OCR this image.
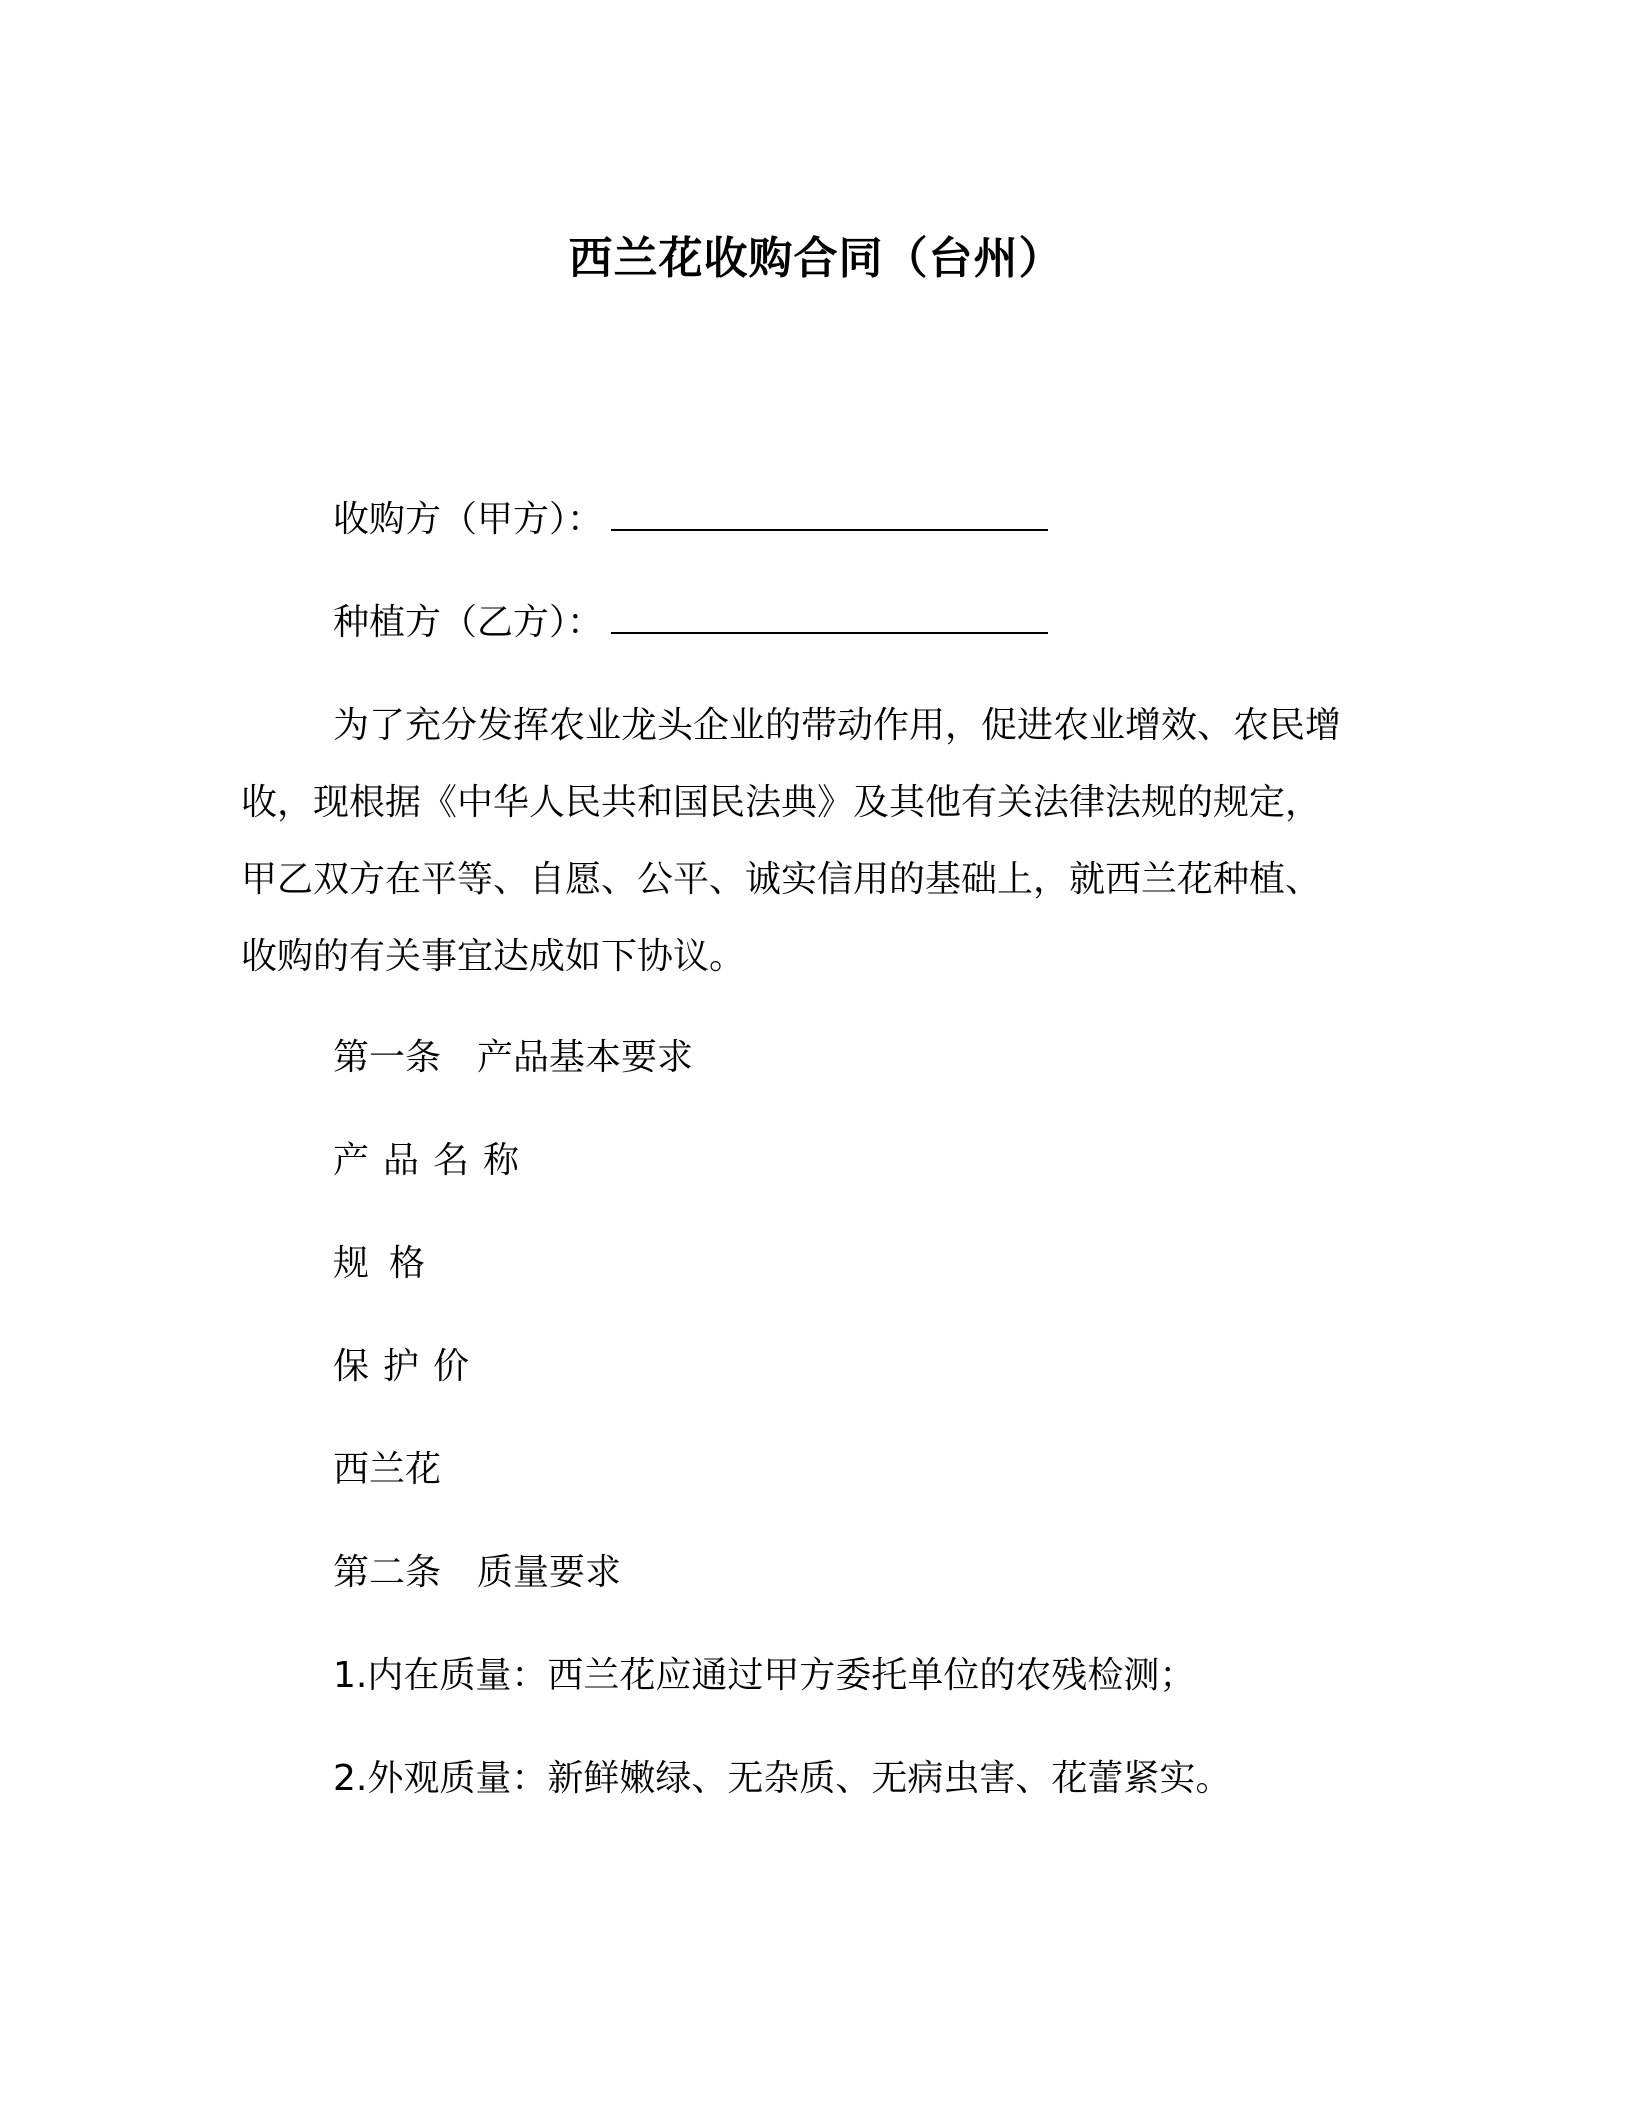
西兰花收购合同（台州）
收购方（甲方）：
种植方（乙方）：
为了充分发挥农业龙头企业的带动作用，促进农业增效、农民增
收，现根据《中华人民共和国民法典》及其他有关法律法规的规定，
甲乙双方在平等、自愿、公平、诚实信用的基础上，就西兰花种植、
收购的有关事宜达成如下协议。
第一条 产品基本要求
产品名称
规格
保护价
西兰花
第二条 质量要求
1.内在质量：西兰花应通过甲方委托单位的农残检测；
2.外观质量：新鲜嫩绿、无杂质、无病虫害、花蕾紧实。
